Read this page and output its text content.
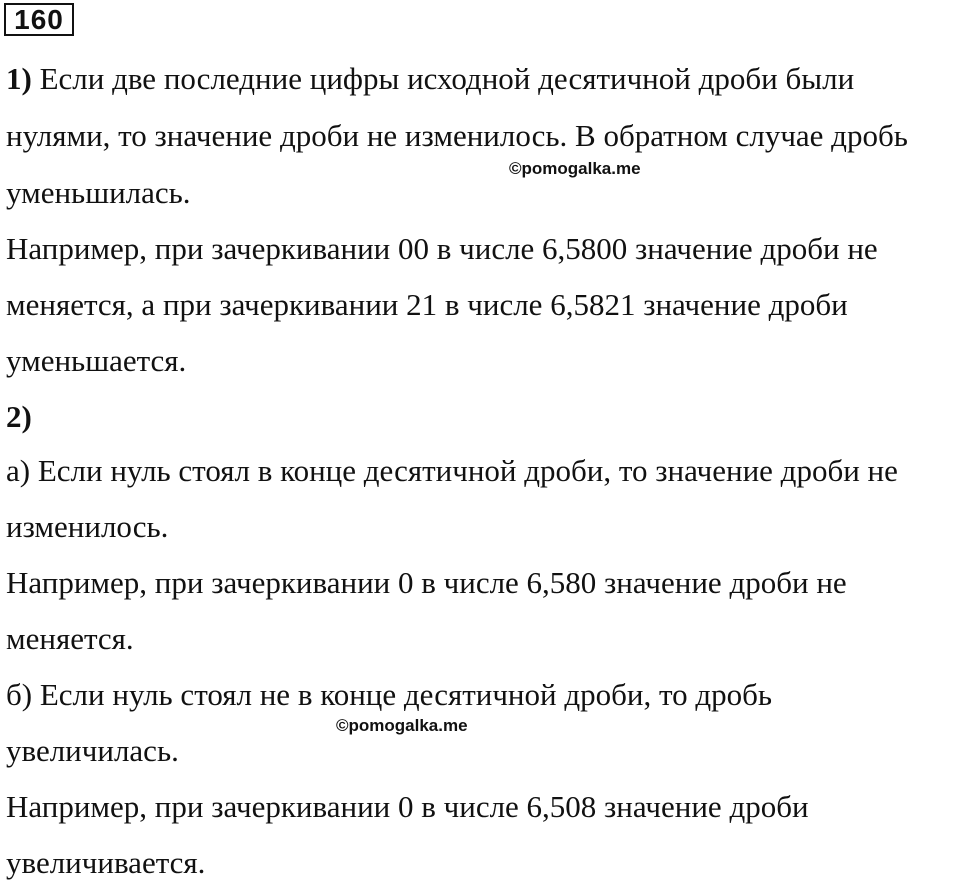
160
1) Если две последние цифры исходной десятичной дроби были
нулями, то значение дроби не изменилось. В обратном случае дробь
©pomogalka.me
уменьшилась.
Например, при зачеркивании 00 в числе 6,5800 значение дроби не
меняется, а при зачеркивании 21 в числе 6,5821 значение дроби
уменьшается.
2)
а) Если нуль стоял в конце десятичной дроби, то значение дроби не
изменилось.
Например, при зачеркивании 0 в числе 6,580 значение дроби не
меняется.
б) Если нуль стоял не в конце десятичной дроби, то дробь
©pomogalka.me
увеличилась.
Например, при зачеркивании 0 в числе 6,508 значение дроби
увеличивается.
